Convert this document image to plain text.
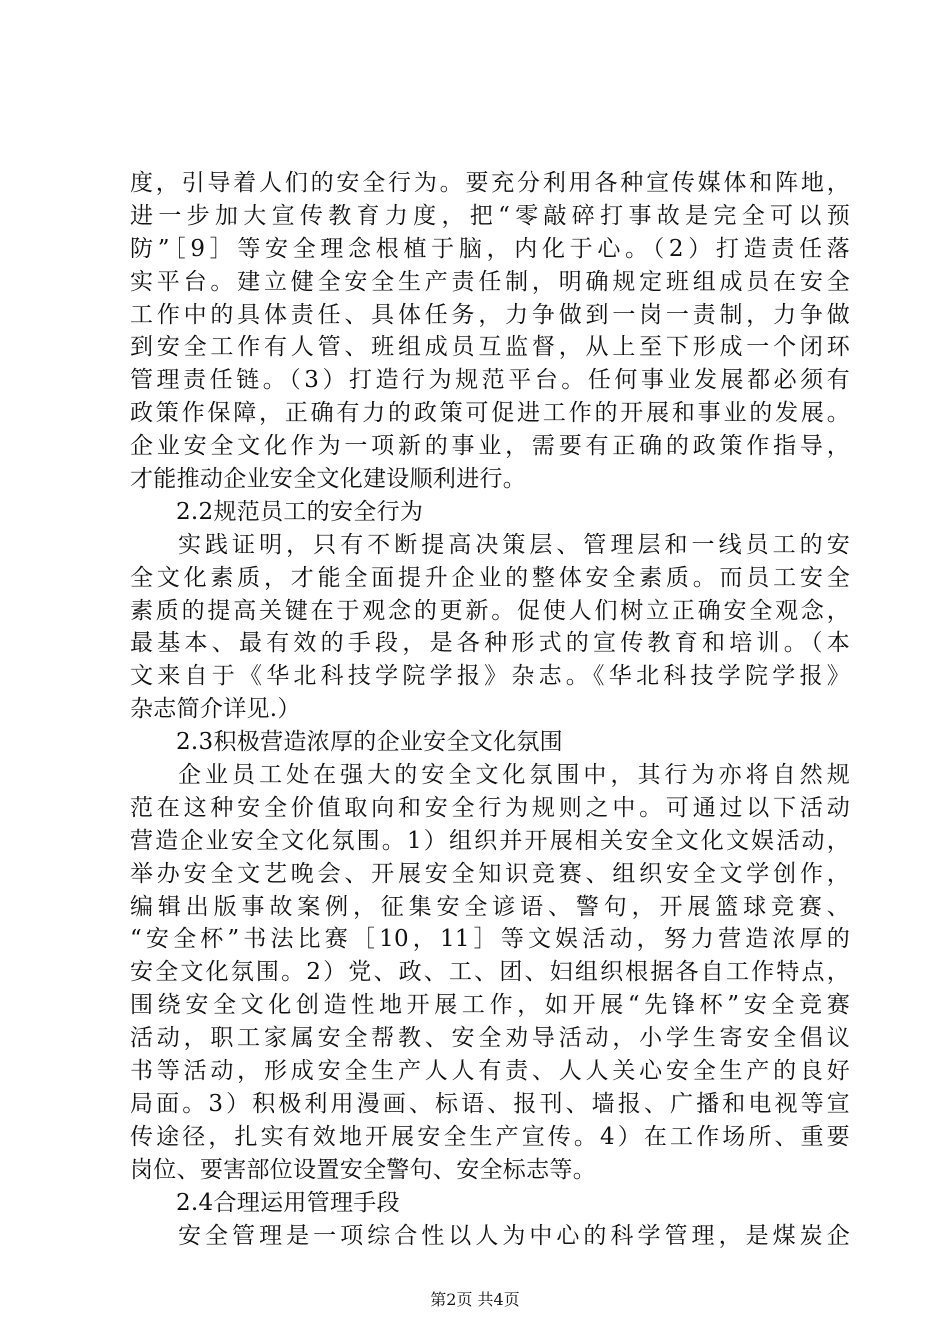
度，引导着人们的安全行为。要充分利用各种宣传媒体和阵地，
进一步加大宣传教育力度，把“零敲碎打事故是完全可以预
防”［9］等安全理念根植于脑，内化于心。（2）打造责任落
实平台。建立健全安全生产责任制，明确规定班组成员在安全
工作中的具体责任、具体任务，力争做到一岗一责制，力争做
到安全工作有人管、班组成员互监督，从上至下形成一个闭环
管理责任链。（3）打造行为规范平台。任何事业发展都必须有
政策作保障，正确有力的政策可促进工作的开展和事业的发展。
企业安全文化作为一项新的事业，需要有正确的政策作指导，
才能推动企业安全文化建设顺利进行。
2.2规范员工的安全行为
实践证明，只有不断提高决策层、管理层和一线员工的安
全文化素质，才能全面提升企业的整体安全素质。而员工安全
素质的提高关键在于观念的更新。促使人们树立正确安全观念，
最基本、最有效的手段，是各种形式的宣传教育和培训。（本
文来自于《华北科技学院学报》杂志。《华北科技学院学报》
杂志简介详见.）
2.3积极营造浓厚的企业安全文化氛围
企业员工处在强大的安全文化氛围中，其行为亦将自然规
范在这种安全价值取向和安全行为规则之中。可通过以下活动
营造企业安全文化氛围。1）组织并开展相关安全文化文娱活动，
举办安全文艺晚会、开展安全知识竞赛、组织安全文学创作，
编辑出版事故案例，征集安全谚语、警句，开展篮球竞赛、
“安全杯”书法比赛［10，11］等文娱活动，努力营造浓厚的
安全文化氛围。2）党、政、工、团、妇组织根据各自工作特点，
围绕安全文化创造性地开展工作，如开展“先锋杯”安全竞赛
活动，职工家属安全帮教、安全劝导活动，小学生寄安全倡议
书等活动，形成安全生产人人有责、人人关心安全生产的良好
局面。3）积极利用漫画、标语、报刊、墙报、广播和电视等宣
传途径，扎实有效地开展安全生产宣传。4）在工作场所、重要
岗位、要害部位设置安全警句、安全标志等。
2.4合理运用管理手段
安全管理是一项综合性以人为中心的科学管理，是煤炭企
第2页 共4页
